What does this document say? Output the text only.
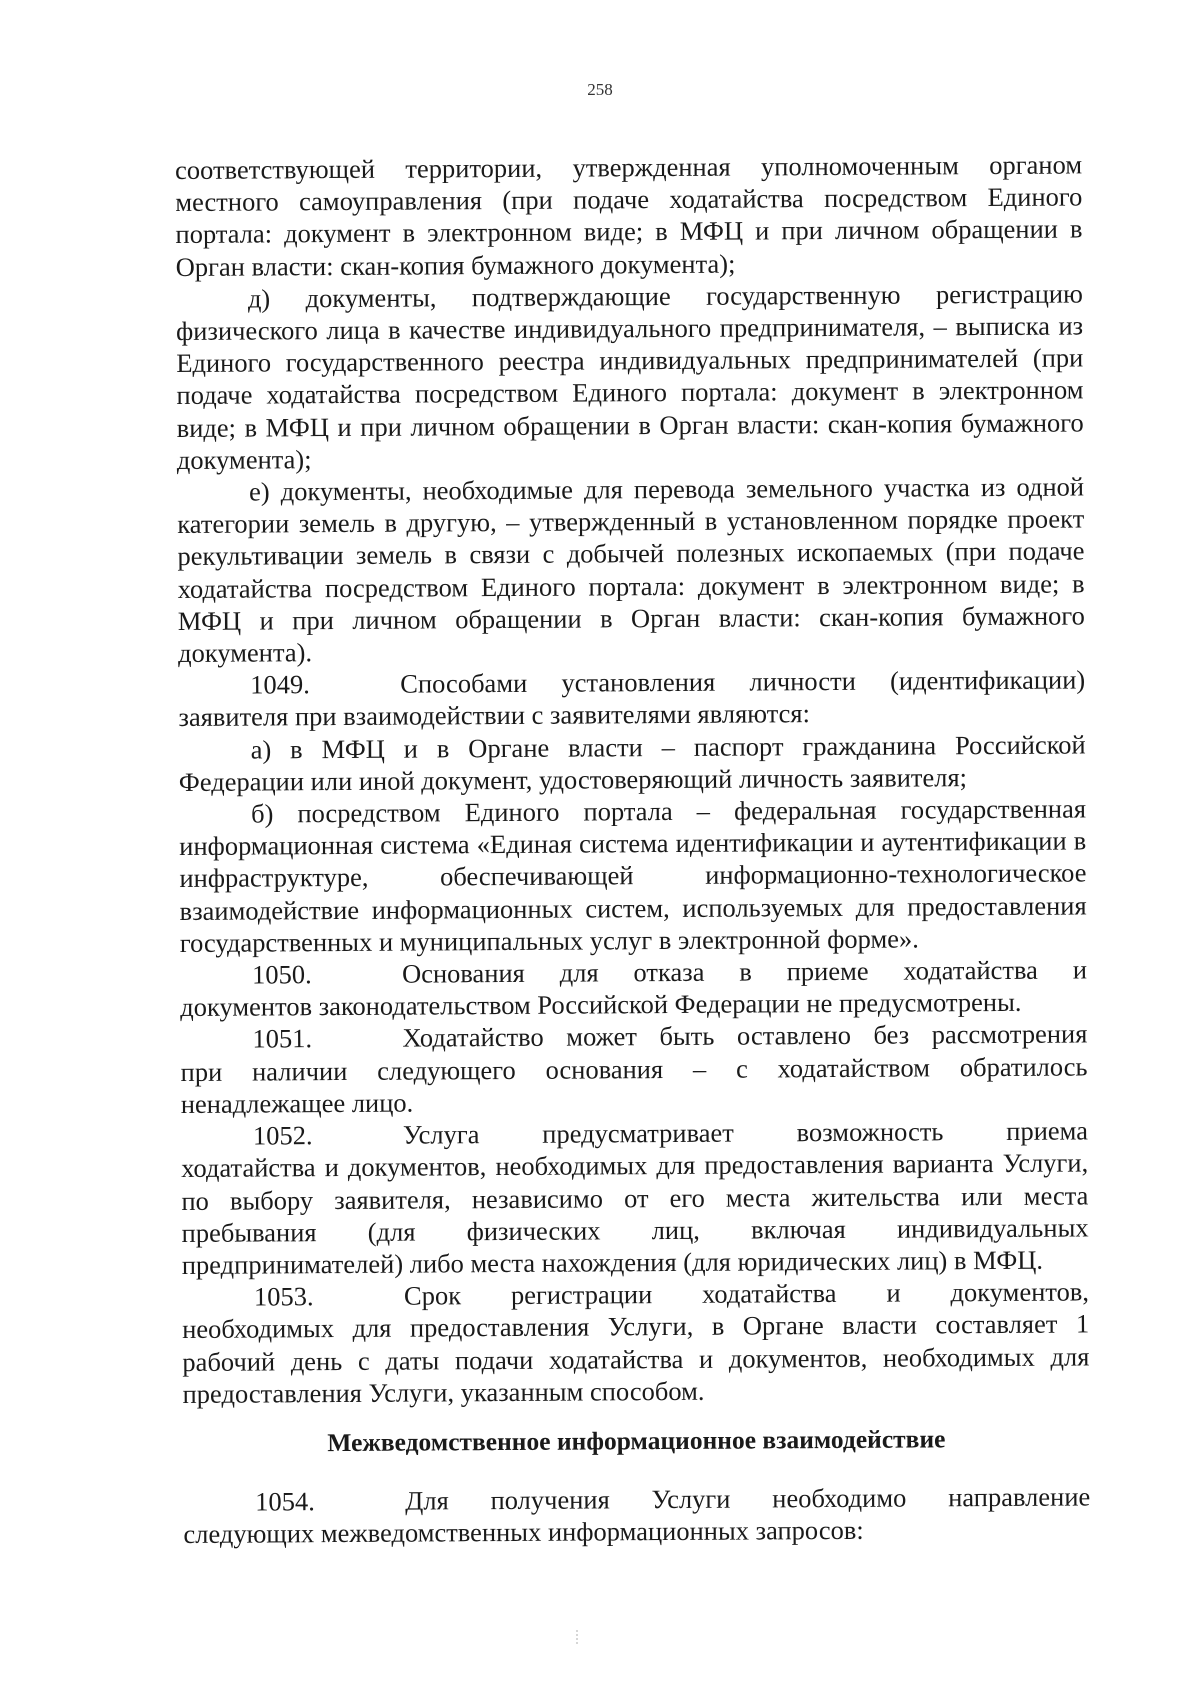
258

соответствующей территории, утвержденная уполномоченным органом местного самоуправления (при подаче ходатайства посредством Единого портала: документ в электронном виде; в МФЦ и при личном обращении в Орган власти: скан-копия бумажного документа);

д) документы, подтверждающие государственную регистрацию физического лица в качестве индивидуального предпринимателя, – выписка из Единого государственного реестра индивидуальных предпринимателей (при подаче ходатайства посредством Единого портала: документ в электронном виде; в МФЦ и при личном обращении в Орган власти: скан-копия бумажного документа);

е) документы, необходимые для перевода земельного участка из одной категории земель в другую, – утвержденный в установленном порядке проект рекультивации земель в связи с добычей полезных ископаемых (при подаче ходатайства посредством Единого портала: документ в электронном виде; в МФЦ и при личном обращении в Орган власти: скан-копия бумажного документа).

1049.	Способами установления личности (идентификации)

заявителя при взаимодействии с заявителями являются:

а) в МФЦ и в Органе власти – паспорт гражданина Российской Федерации или иной документ, удостоверяющий личность заявителя;

б) посредством Единого портала – федеральная государственная информационная система «Единая система идентификации и аутентификации в инфраструктуре, обеспечивающей информационно-технологическое взаимодействие информационных систем, используемых для предоставления государственных и муниципальных услуг в электронной форме».

1050.	Основания для отказа в приеме ходатайства и

документов законодательством Российской Федерации не предусмотрены.

1051.	Ходатайство может быть оставлено без рассмотрения

при наличии следующего основания – с ходатайством обратилось ненадлежащее лицо.

1052.	Услуга предусматривает возможность приема

ходатайства и документов, необходимых для предоставления варианта Услуги, по выбору заявителя, независимо от его места жительства или места пребывания (для физических лиц, включая индивидуальных предпринимателей) либо места нахождения (для юридических лиц) в МФЦ.

1053.	Срок регистрации ходатайства и документов,

необходимых для предоставления Услуги, в Органе власти составляет 1 рабочий день с даты подачи ходатайства и документов, необходимых для предоставления Услуги, указанным способом.

Межведомственное информационное взаимодействие
1054.	Для получения Услуги необходимо направление

следующих межведомственных информационных запросов:
